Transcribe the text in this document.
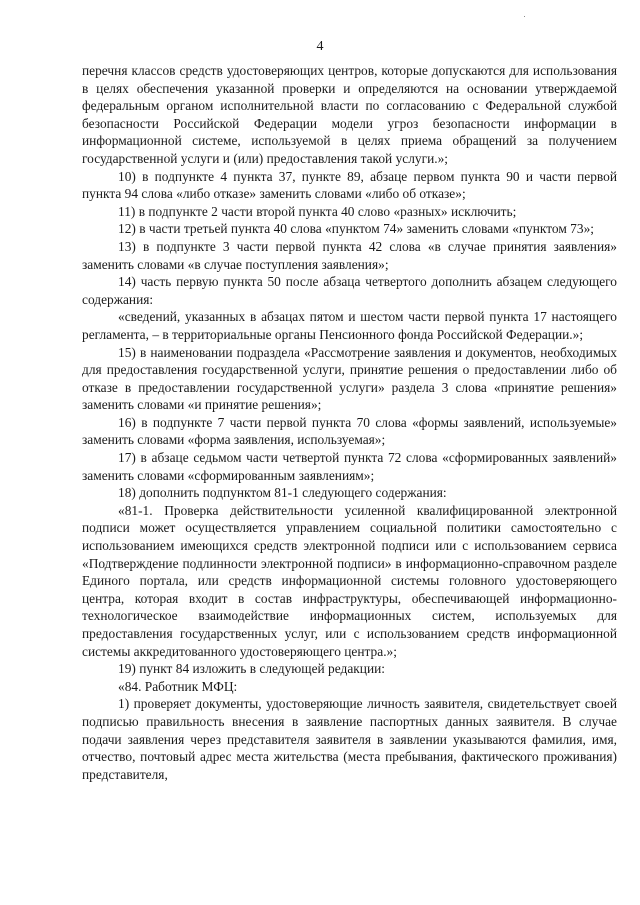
4

перечня классов средств удостоверяющих центров, которые допускаются для использования в целях обеспечения указанной проверки и определяются на основании утверждаемой федеральным органом исполнительной власти по согласованию с Федеральной службой безопасности Российской Федерации модели угроз безопасности информации в информационной системе, используемой в целях приема обращений за получением государственной услуги и (или) предоставления такой услуги.»;

10) в подпункте 4 пункта 37, пункте 89, абзаце первом пункта 90 и части первой пункта 94 слова «либо отказе» заменить словами «либо об отказе»;

11) в подпункте 2 части второй пункта 40 слово «разных» исключить;

12) в части третьей пункта 40 слова «пунктом 74» заменить словами «пунктом 73»;

13) в подпункте 3 части первой пункта 42 слова «в случае принятия заявления» заменить словами «в случае поступления заявления»;

14) часть первую пункта 50 после абзаца четвертого дополнить абзацем следующего содержания:

«сведений, указанных в абзацах пятом и шестом части первой пункта 17 настоящего регламента, – в территориальные органы Пенсионного фонда Российской Федерации.»;

15) в наименовании подраздела «Рассмотрение заявления и документов, необходимых для предоставления государственной услуги, принятие решения о предоставлении либо об отказе в предоставлении государственной услуги» раздела 3 слова «принятие решения» заменить словами «и принятие решения»;

16) в подпункте 7 части первой пункта 70 слова «формы заявлений, используемые» заменить словами «форма заявления, используемая»;

17) в абзаце седьмом части четвертой пункта 72 слова «сформированных заявлений» заменить словами «сформированным заявлениям»;

18) дополнить подпунктом 81-1 следующего содержания:

«81-1. Проверка действительности усиленной квалифицированной электронной подписи может осуществляется управлением социальной политики самостоятельно с использованием имеющихся средств электронной подписи или с использованием сервиса «Подтверждение подлинности электронной подписи» в информационно-справочном разделе Единого портала, или средств информационной системы головного удостоверяющего центра, которая входит в состав инфраструктуры, обеспечивающей информационно-технологическое взаимодействие информационных систем, используемых для предоставления государственных услуг, или с использованием средств информационной системы аккредитованного удостоверяющего центра.»;

19) пункт 84 изложить в следующей редакции:

«84. Работник МФЦ:

1) проверяет документы, удостоверяющие личность заявителя, свидетельствует своей подписью правильность внесения в заявление паспортных данных заявителя. В случае подачи заявления через представителя заявителя в заявлении указываются фамилия, имя, отчество, почтовый адрес места жительства (места пребывания, фактического проживания) представителя,
